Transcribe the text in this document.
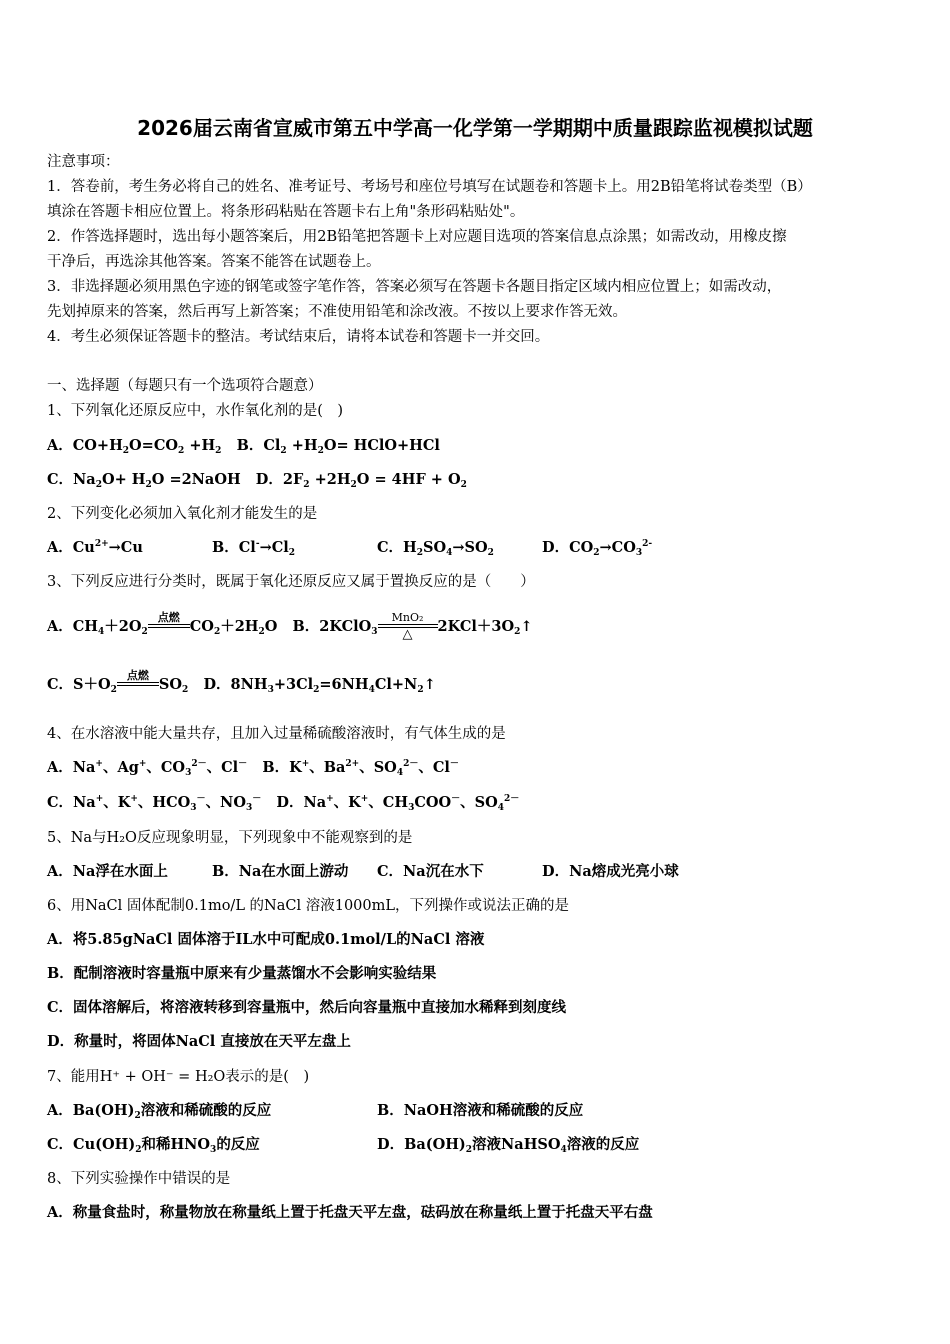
2026届云南省宣威市第五中学高一化学第一学期期中质量跟踪监视模拟试题
注意事项：
1．答卷前，考生务必将自己的姓名、准考证号、考场号和座位号填写在试题卷和答题卡上。用2B铅笔将试卷类型（B）
填涂在答题卡相应位置上。将条形码粘贴在答题卡右上角"条形码粘贴处"。
2．作答选择题时，选出每小题答案后，用2B铅笔把答题卡上对应题目选项的答案信息点涂黑；如需改动，用橡皮擦
干净后，再选涂其他答案。答案不能答在试题卷上。
3．非选择题必须用黑色字迹的钢笔或签字笔作答，答案必须写在答题卡各题目指定区域内相应位置上；如需改动，
先划掉原来的答案，然后再写上新答案；不准使用铅笔和涂改液。不按以上要求作答无效。
4．考生必须保证答题卡的整洁。考试结束后，请将本试卷和答题卡一并交回。
一、选择题（每题只有一个选项符合题意）
1、下列氧化还原反应中，水作氧化剂的是(　)
A．$CO+H_2O=CO_2 +H_2$   B．$Cl_2 +H_2O=$ HClO+HCl
C．$Na_2O+ H_2O$ =2NaOH   D．$2F_2 +2H_2O = 4HF + O_2$
2、下列变化必须加入氧化剂才能发生的是
A．$Cu^{2+}\to Cu$	B．$Cl^-\to Cl_2$	C．$H_2SO_4\to SO_2$	D．$CO_2\to CO_3^{2-}$
3、下列反应进行分类时，既属于氧化还原反应又属于置换反应的是（　　）
A．$CH_4+2O_2$
点燃

$CO_2+2H_2O$   B．2KClO$_3$
MnO₂
△	$2KCl+3O_2↑$
C．$S+O_2$
点燃

$SO_2$   D．$8NH_3+3Cl_2=6NH_4Cl+N_2↑$
4、在水溶液中能大量共存，且加入过量稀硫酸溶液时，有气体生成的是
A．Na+、Ag+、$CO_3^{2-}$、Cl－   B．K+、$Ba^{2+}$、$SO_4^{2-}$、Cl－
C．Na+、K+、$HCO_3^-$、$NO_3^-$   D．Na+、K+、$CH_3COO^-$、$SO_4^{2-}$
5、Na与H₂O反应现象明显，下列现象中不能观察到的是
A．Na浮在水面上	B．Na在水面上游动 C．Na沉在水下	D．Na熔成光亮小球
6、用NaCl 固体配制0.1mo/L 的NaCl 溶液1000mL，下列操作或说法正确的是
A．将5.85gNaCl 固体溶于IL水中可配成0.1mol/L的NaCl 溶液
B．配制溶液时容量瓶中原来有少量蒸馏水不会影响实验结果
C．固体溶解后，将溶液转移到容量瓶中，然后向容量瓶中直接加水稀释到刻度线
D．称量时，将固体NaCl 直接放在天平左盘上
7、能用H⁺ + OH⁻ = H₂O表示的是(　)
A．$Ba(OH)_2$溶液和稀硫酸的反应	B．NaOH溶液和稀硫酸的反应
C．$Cu(OH)_2$和稀$HNO_3$的反应	D．$Ba(OH)_2$溶液NaHSO$_4$溶液的反应
8、下列实验操作中错误的是
A．称量食盐时，称量物放在称量纸上置于托盘天平左盘，砝码放在称量纸上置于托盘天平右盘
